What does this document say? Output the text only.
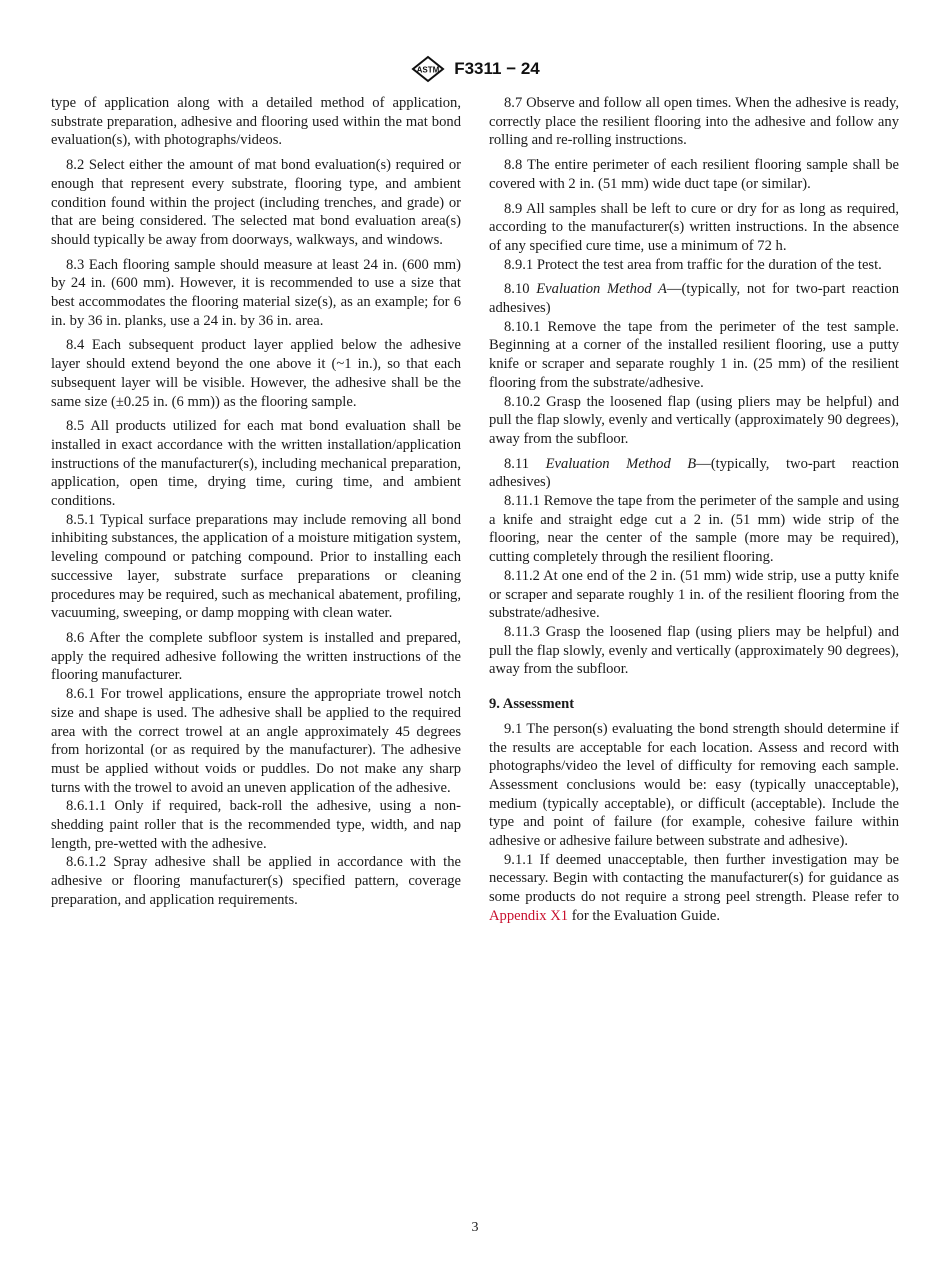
ASTM F3311 − 24

type of application along with a detailed method of application, substrate preparation, adhesive and flooring used within the mat bond evaluation(s), with photographs/videos.

8.2 Select either the amount of mat bond evaluation(s) required or enough that represent every substrate, flooring type, and ambient condition found within the project (including trenches, and grade) or that are being considered. The selected mat bond evaluation area(s) should typically be away from doorways, walkways, and windows.

8.3 Each flooring sample should measure at least 24 in. (600 mm) by 24 in. (600 mm). However, it is recommended to use a size that best accommodates the flooring material size(s), as an example; for 6 in. by 36 in. planks, use a 24 in. by 36 in. area.

8.4 Each subsequent product layer applied below the adhesive layer should extend beyond the one above it (~1 in.), so that each subsequent layer will be visible. However, the adhesive shall be the same size (±0.25 in. (6 mm)) as the flooring sample.

8.5 All products utilized for each mat bond evaluation shall be installed in exact accordance with the written installation/application instructions of the manufacturer(s), including mechanical preparation, application, open time, drying time, curing time, and ambient conditions.

8.5.1 Typical surface preparations may include removing all bond inhibiting substances, the application of a moisture mitigation system, leveling compound or patching compound. Prior to installing each successive layer, substrate surface preparations or cleaning procedures may be required, such as mechanical abatement, profiling, vacuuming, sweeping, or damp mopping with clean water.

8.6 After the complete subfloor system is installed and prepared, apply the required adhesive following the written instructions of the flooring manufacturer.

8.6.1 For trowel applications, ensure the appropriate trowel notch size and shape is used. The adhesive shall be applied to the required area with the correct trowel at an angle approximately 45 degrees from horizontal (or as required by the manufacturer). The adhesive must be applied without voids or puddles. Do not make any sharp turns with the trowel to avoid an uneven application of the adhesive.

8.6.1.1 Only if required, back-roll the adhesive, using a non-shedding paint roller that is the recommended type, width, and nap length, pre-wetted with the adhesive.

8.6.1.2 Spray adhesive shall be applied in accordance with the adhesive or flooring manufacturer(s) specified pattern, coverage preparation, and application requirements.

8.7 Observe and follow all open times. When the adhesive is ready, correctly place the resilient flooring into the adhesive and follow any rolling and re-rolling instructions.

8.8 The entire perimeter of each resilient flooring sample shall be covered with 2 in. (51 mm) wide duct tape (or similar).

8.9 All samples shall be left to cure or dry for as long as required, according to the manufacturer(s) written instructions. In the absence of any specified cure time, use a minimum of 72 h.

8.9.1 Protect the test area from traffic for the duration of the test.

8.10 Evaluation Method A—(typically, not for two-part reaction adhesives)

8.10.1 Remove the tape from the perimeter of the test sample. Beginning at a corner of the installed resilient flooring, use a putty knife or scraper and separate roughly 1 in. (25 mm) of the resilient flooring from the substrate/adhesive.

8.10.2 Grasp the loosened flap (using pliers may be helpful) and pull the flap slowly, evenly and vertically (approximately 90 degrees), away from the subfloor.

8.11 Evaluation Method B—(typically, two-part reaction adhesives)

8.11.1 Remove the tape from the perimeter of the sample and using a knife and straight edge cut a 2 in. (51 mm) wide strip of the flooring, near the center of the sample (more may be required), cutting completely through the resilient flooring.

8.11.2 At one end of the 2 in. (51 mm) wide strip, use a putty knife or scraper and separate roughly 1 in. of the resilient flooring from the substrate/adhesive.

8.11.3 Grasp the loosened flap (using pliers may be helpful) and pull the flap slowly, evenly and vertically (approximately 90 degrees), away from the subfloor.

9. Assessment

9.1 The person(s) evaluating the bond strength should determine if the results are acceptable for each location. Assess and record with photographs/video the level of difficulty for removing each sample. Assessment conclusions would be: easy (typically unacceptable), medium (typically acceptable), or difficult (acceptable). Include the type and point of failure (for example, cohesive failure within adhesive or adhesive failure between substrate and adhesive).

9.1.1 If deemed unacceptable, then further investigation may be necessary. Begin with contacting the manufacturer(s) for guidance as some products do not require a strong peel strength. Please refer to Appendix X1 for the Evaluation Guide.

3
